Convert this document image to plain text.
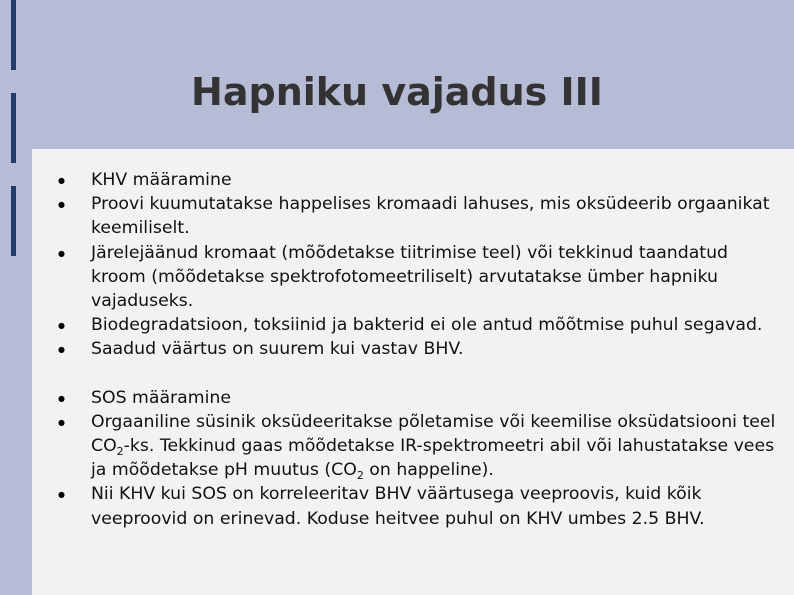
Hapniku vajadus III
● KHV määramine
● Proovi kuumutatakse happelises kromaadi lahuses, mis oksüdeerib orgaanikat keemiliselt.
● Järelejäänud kromaat (mõõdetakse tiitrimise teel) või tekkinud taandatud kroom (mõõdetakse spektrofotomeetriliselt) arvutatakse ümber hapniku vajaduseks.
● Biodegradatsioon, toksiinid ja bakterid ei ole antud mõõtmise puhul segavad.
● Saadud väärtus on suurem kui vastav BHV.
● SOS määramine
● Orgaaniline süsinik oksüdeeritakse põletamise või keemilise oksüdatsiooni teel $CO_2-ks$. Tekkinud gaas mõõdetakse IR-spektromeetri abil või lahustatakse vees ja mõõdetakse pH muutus ($CO_2$ on happeline).
● Nii KHV kui SOS on korreleeritav BHV väärtusega veeproovis, kuid kõik veeproovid on erinevad. Koduse heitvee puhul on KHV umbes 2.5 BHV.
